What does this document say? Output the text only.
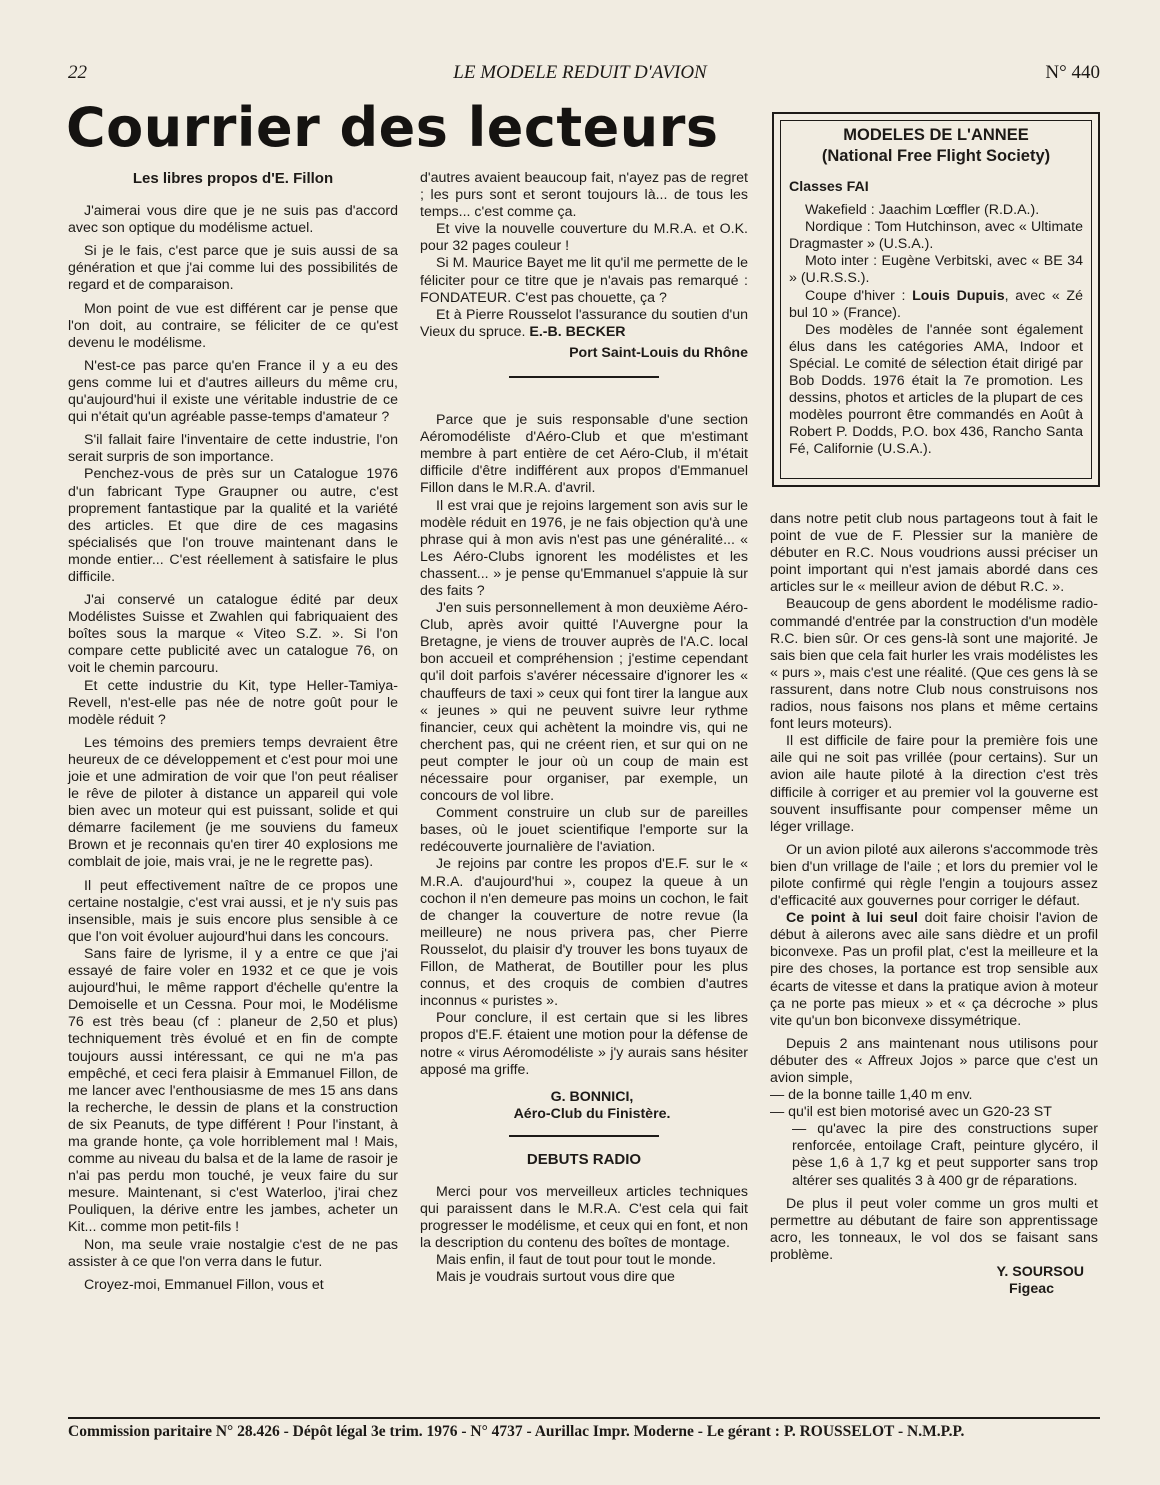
22	LE MODELE REDUIT D'AVION	N° 440
Courrier des lecteurs
Les libres propos d'E. Fillon

J'aimerai vous dire que je ne suis pas d'accord avec son optique du modélisme actuel.

Si je le fais, c'est parce que je suis aussi de sa génération et que j'ai comme lui des possibilités de regard et de comparaison.

Mon point de vue est différent car je pense que l'on doit, au contraire, se féliciter de ce qu'est devenu le modélisme.

N'est-ce pas parce qu'en France il y a eu des gens comme lui et d'autres ailleurs du même cru, qu'aujourd'hui il existe une véritable industrie de ce qui n'était qu'un agréable passe-temps d'amateur ?

S'il fallait faire l'inventaire de cette industrie, l'on serait surpris de son importance.

Penchez-vous de près sur un Catalogue 1976 d'un fabricant Type Graupner ou autre, c'est proprement fantastique par la qualité et la variété des articles. Et que dire de ces magasins spécialisés que l'on trouve maintenant dans le monde entier... C'est réellement à satisfaire le plus difficile.

J'ai conservé un catalogue édité par deux Modélistes Suisse et Zwahlen qui fabriquaient des boîtes sous la marque « Viteo S.Z. ». Si l'on compare cette publicité avec un catalogue 76, on voit le chemin parcouru.

Et cette industrie du Kit, type Heller-Tamiya-Revell, n'est-elle pas née de notre goût pour le modèle réduit ?

Les témoins des premiers temps devraient être heureux de ce développement et c'est pour moi une joie et une admiration de voir que l'on peut réaliser le rêve de piloter à distance un appareil qui vole bien avec un moteur qui est puissant, solide et qui démarre facilement (je me souviens du fameux Brown et je reconnais qu'en tirer 40 explosions me comblait de joie, mais vrai, je ne le regrette pas).

Il peut effectivement naître de ce propos une certaine nostalgie, c'est vrai aussi, et je n'y suis pas insensible, mais je suis encore plus sensible à ce que l'on voit évoluer aujourd'hui dans les concours.

Sans faire de lyrisme, il y a entre ce que j'ai essayé de faire voler en 1932 et ce que je vois aujourd'hui, le même rapport d'échelle qu'entre la Demoiselle et un Cessna. Pour moi, le Modélisme 76 est très beau (cf : planeur de 2,50 et plus) techniquement très évolué et en fin de compte toujours aussi intéressant, ce qui ne m'a pas empêché, et ceci fera plaisir à Emmanuel Fillon, de me lancer avec l'enthousiasme de mes 15 ans dans la recherche, le dessin de plans et la construction de six Peanuts, de type différent ! Pour l'instant, à ma grande honte, ça vole horriblement mal ! Mais, comme au niveau du balsa et de la lame de rasoir je n'ai pas perdu mon touché, je veux faire du sur mesure. Maintenant, si c'est Waterloo, j'irai chez Pouliquen, la dérive entre les jambes, acheter un Kit... comme mon petit-fils !

Non, ma seule vraie nostalgie c'est de ne pas assister à ce que l'on verra dans le futur.

Croyez-moi, Emmanuel Fillon, vous et

d'autres avaient beaucoup fait, n'ayez pas de regret ; les purs sont et seront toujours là... de tous les temps... c'est comme ça.

Et vive la nouvelle couverture du M.R.A. et O.K. pour 32 pages couleur !

Si M. Maurice Bayet me lit qu'il me permette de le féliciter pour ce titre que je n'avais pas remarqué : FONDATEUR. C'est pas chouette, ça ?

Et à Pierre Rousselot l'assurance du soutien d'un Vieux du spruce. E.-B. BECKER

Port Saint-Louis du Rhône

Parce que je suis responsable d'une section Aéromodéliste d'Aéro-Club et que m'estimant membre à part entière de cet Aéro-Club, il m'était difficile d'être indifférent aux propos d'Emmanuel Fillon dans le M.R.A. d'avril.

Il est vrai que je rejoins largement son avis sur le modèle réduit en 1976, je ne fais objection qu'à une phrase qui à mon avis n'est pas une généralité... « Les Aéro-Clubs ignorent les modélistes et les chassent... » je pense qu'Emmanuel s'appuie là sur des faits ?

J'en suis personnellement à mon deuxième Aéro-Club, après avoir quitté l'Auvergne pour la Bretagne, je viens de trouver auprès de l'A.C. local bon accueil et compréhension ; j'estime cependant qu'il doit parfois s'avérer nécessaire d'ignorer les « chauffeurs de taxi » ceux qui font tirer la langue aux « jeunes » qui ne peuvent suivre leur rythme financier, ceux qui achètent la moindre vis, qui ne cherchent pas, qui ne créent rien, et sur qui on ne peut compter le jour où un coup de main est nécessaire pour organiser, par exemple, un concours de vol libre.

Comment construire un club sur de pareilles bases, où le jouet scientifique l'emporte sur la redécouverte journalière de l'aviation.

Je rejoins par contre les propos d'E.F. sur le « M.R.A. d'aujourd'hui », coupez la queue à un cochon il n'en demeure pas moins un cochon, le fait de changer la couverture de notre revue (la meilleure) ne nous privera pas, cher Pierre Rousselot, du plaisir d'y trouver les bons tuyaux de Fillon, de Matherat, de Boutiller pour les plus connus, et des croquis de combien d'autres inconnus « puristes ».

Pour conclure, il est certain que si les libres propos d'E.F. étaient une motion pour la défense de notre « virus Aéromodéliste » j'y aurais sans hésiter apposé ma griffe.

G. BONNICI,

Aéro-Club du Finistère.

DEBUTS RADIO

Merci pour vos merveilleux articles techniques qui paraissent dans le M.R.A. C'est cela qui fait progresser le modélisme, et ceux qui en font, et non la description du contenu des boîtes de montage.

Mais enfin, il faut de tout pour tout le monde.

Mais je voudrais surtout vous dire que

MODELES DE L'ANNEE
(National Free Flight Society)
Classes FAI

Wakefield : Jaachim Lœffler (R.D.A.).

Nordique : Tom Hutchinson, avec « Ultimate Dragmaster » (U.S.A.).

Moto inter : Eugène Verbitski, avec « BE 34 » (U.R.S.S.).

Coupe d'hiver : Louis Dupuis, avec « Zé bul 10 » (France).

Des modèles de l'année sont également élus dans les catégories AMA, Indoor et Spécial. Le comité de sélection était dirigé par Bob Dodds. 1976 était la 7e promotion. Les dessins, photos et articles de la plupart de ces modèles pourront être commandés en Août à Robert P. Dodds, P.O. box 436, Rancho Santa Fé, Californie (U.S.A.).

dans notre petit club nous partageons tout à fait le point de vue de F. Plessier sur la manière de débuter en R.C. Nous voudrions aussi préciser un point important qui n'est jamais abordé dans ces articles sur le « meilleur avion de début R.C. ».

Beaucoup de gens abordent le modélisme radio-commandé d'entrée par la construction d'un modèle R.C. bien sûr. Or ces gens-là sont une majorité. Je sais bien que cela fait hurler les vrais modélistes les « purs », mais c'est une réalité. (Que ces gens là se rassurent, dans notre Club nous construisons nos radios, nous faisons nos plans et même certains font leurs moteurs).

Il est difficile de faire pour la première fois une aile qui ne soit pas vrillée (pour certains). Sur un avion aile haute piloté à la direction c'est très difficile à corriger et au premier vol la gouverne est souvent insuffisante pour compenser même un léger vrillage.

Or un avion piloté aux ailerons s'accommode très bien d'un vrillage de l'aile ; et lors du premier vol le pilote confirmé qui règle l'engin a toujours assez d'efficacité aux gouvernes pour corriger le défaut.

Ce point à lui seul doit faire choisir l'avion de début à ailerons avec aile sans dièdre et un profil biconvexe. Pas un profil plat, c'est la meilleure et la pire des choses, la portance est trop sensible aux écarts de vitesse et dans la pratique avion à moteur ça ne porte pas mieux » et « ça décroche » plus vite qu'un bon biconvexe dissymétrique.

Depuis 2 ans maintenant nous utilisons pour débuter des « Affreux Jojos » parce que c'est un avion simple,

— de la bonne taille 1,40 m env.

— qu'il est bien motorisé avec un G20-23 ST

— qu'avec la pire des constructions super renforcée, entoilage Craft, peinture glycéro, il pèse 1,6 à 1,7 kg et peut supporter sans trop altérer ses qualités 3 à 400 gr de réparations.

De plus il peut voler comme un gros multi et permettre au débutant de faire son apprentissage acro, les tonneaux, le vol dos se faisant sans problème.

Y. SOURSOU

Figeac

Commission paritaire N° 28.426 - Dépôt légal 3e trim. 1976 - N° 4737 - Aurillac Impr. Moderne - Le gérant : P. ROUSSELOT - N.M.P.P.
